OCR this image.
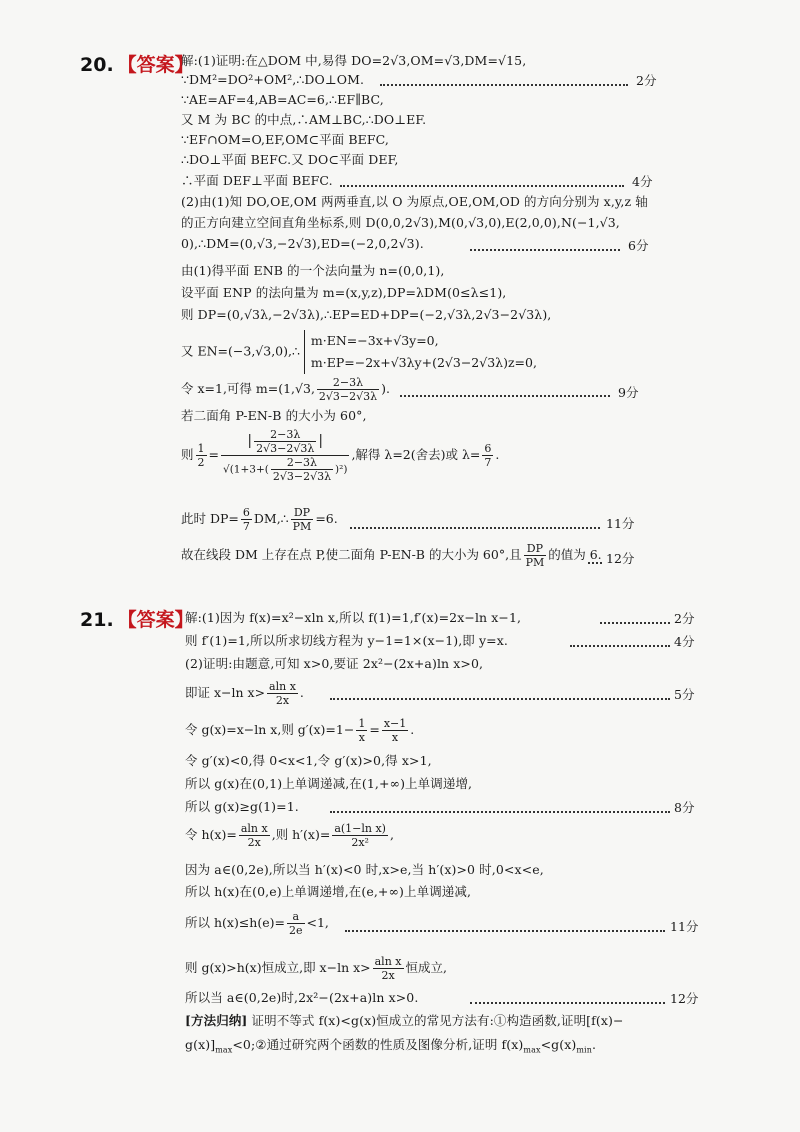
20. 【答案】
解:(1)证明:在△DOM 中,易得 DO=2√3,OM=√3,DM=√15,
∵DM²=DO²+OM²,∴DO⊥OM.	2分
∵AE=AF=4,AB=AC=6,∴EF∥BC,
又 M 为 BC 的中点,∴AM⊥BC,∴DO⊥EF.
∵EF∩OM=O,EF,OM⊂平面 BEFC,
∴DO⊥平面 BEFC.又 DO⊂平面 DEF,
∴平面 DEF⊥平面 BEFC.	4分
(2)由(1)知 DO,OE,OM 两两垂直,以 O 为原点,OE,OM,OD 的方向分别为 x,y,z 轴
的正方向建立空间直角坐标系,则 D(0,0,2√3),M(0,√3,0),E(2,0,0),N(−1,√3,
0),∴DM=(0,√3,−2√3),ED=(−2,0,2√3).	6分
由(1)得平面 ENB 的一个法向量为 n=(0,0,1),
设平面 ENP 的法向量为 m=(x,y,z),DP=λDM(0≤λ≤1),
则 DP=(0,√3λ,−2√3λ),∴EP=ED+DP=(−2,√3λ,2√3−2√3λ),
又 EN=(−3,√3,0),∴
m·EN=−3x+√3y=0,
m·EP=−2x+√3λy+(2√3−2√3λ)z=0,
令 x=1,可得 m=(1,√3, $\frac{2-3\lambda}{2√3-2√3\lambda}$ ).	9分
若二面角 P-EN-B 的大小为 60°,
则 $\frac{1}{2} = \frac{| \frac{2-3\lambda}{2√3-2√3\lambda} |}{√(1+3+( \frac{2-3\lambda}{2√3-2√3\lambda} )^2)}$ ,解得 λ=2(舍去)或 $\lambda= \frac{6}{7}$ .
此时 $DP= \frac{6}{7}$ DM,∴ $\frac{DP}{PM} =6$.	11分
故在线段 DM 上存在点 P,使二面角 P-EN-B 的大小为 60°,且 $\frac{DP}{PM}$ 的值为 6. 12分
21. 【答案】
解:(1)因为 f(x)=x²−xln x,所以 f(1)=1,f′(x)=2x−ln x−1,	2分
则 f′(1)=1,所以所求切线方程为 y−1=1×(x−1),即 y=x.	4分
(2)证明:由题意,可知 x>0,要证 2x²−(2x+a)ln x>0,
即证 x−ln $x> \frac{\text{aln x}}{2x}$ .	5分
令 g(x)=x−ln x,则 $g'(x)=1- \frac{1}{x} = \frac{x-1}{x}$ .
令 g′(x)<0,得 0<x<1,令 g′(x)>0,得 x>1,
所以 g(x)在(0,1)上单调递减,在(1,+∞)上单调递增,
所以 g(x)≥g(1)=1.	8分
令 $h(x)= \frac{\text{aln x}}{2x}$ ,则 $h'(x)= \frac{\text{a(1−ln x)}}{\text{2x²}}$ ,
因为 a∈(0,2e),所以当 h′(x)<0 时,x>e,当 h′(x)>0 时,0<x<e,
所以 h(x)在(0,e)上单调递增,在(e,+∞)上单调递减,
所以 $h(x)\le h(e)= \frac{a}{2e} <1$,	11分
则 g(x)>h(x)恒成立,即 x−ln $x> \frac{\text{aln x}}{2x}$ 恒成立,
所以当 a∈(0,2e)时,2x²−(2x+a)ln x>0.	12分
[方法归纳] 证明不等式 f(x)<g(x)恒成立的常见方法有:①构造函数,证明[f(x)−
$g(x)]_{max}<0;②$通过研究两个函数的性质及图像分析,证明 $f(x)_{max}<g(x)_{min}$.
